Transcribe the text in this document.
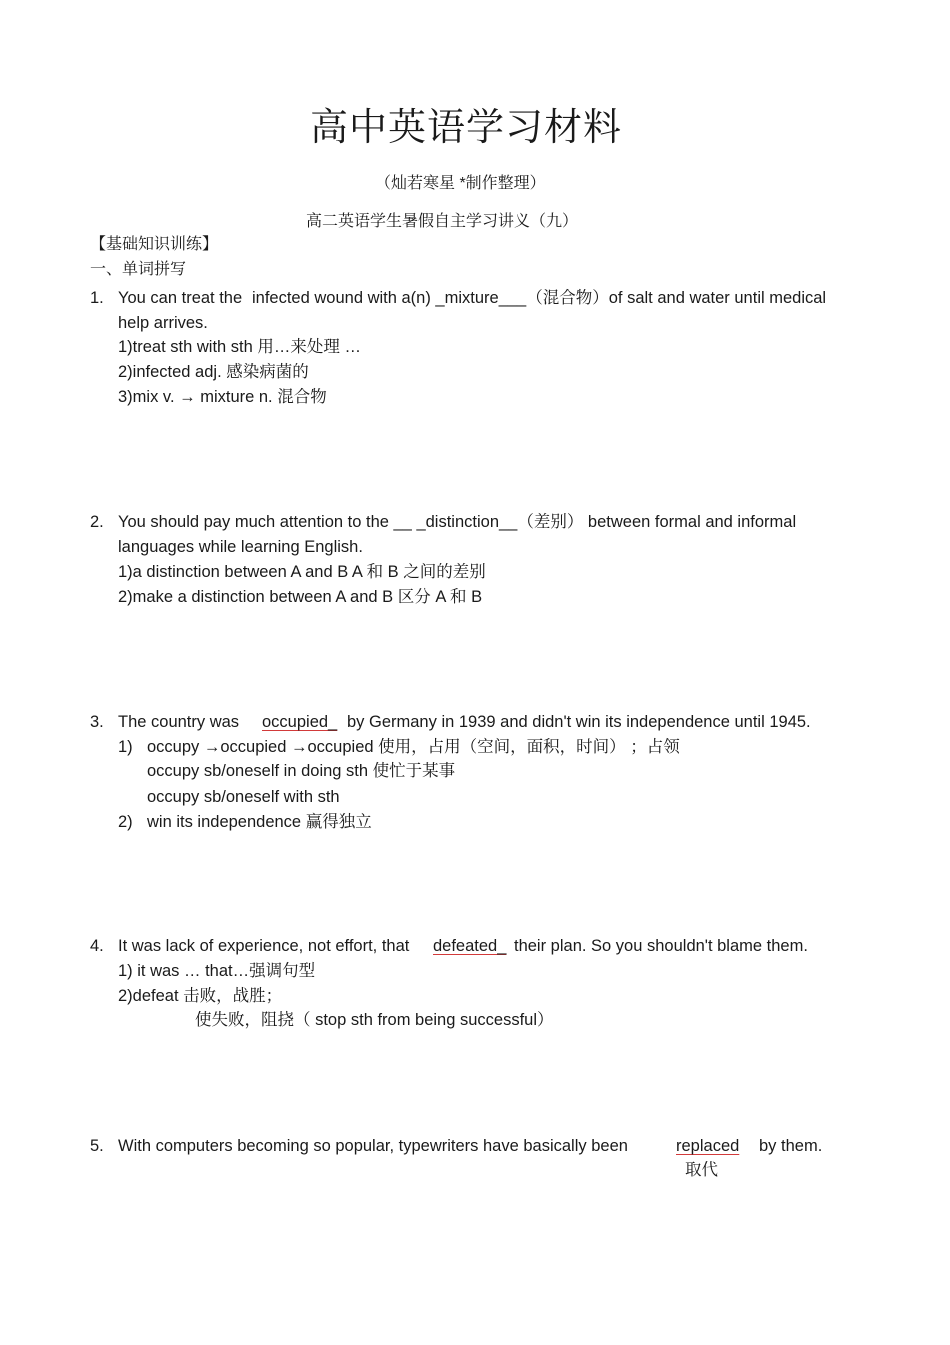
高中英语学习材料
（灿若寒星 *制作整理）
高二英语学生暑假自主学习讲义（九）
【基础知识训练】
一、单词拼写
1. You can treat the infected wound with a(n) _mixture___（混合物）of salt and water until medical
help arrives.
1)treat sth with sth 用…来处理 …
2)infected adj. 感染病菌的
3)mix v. → mixture n. 混合物
2. You should pay much attention to the __ _distinction__（差别） between formal and informal
languages while learning English.
1)a distinction between A and B A 和 B 之间的差别
2)make a distinction between A and B 区分 A 和 B
3. The country was occupied_ by Germany in 1939 and didn't win its independence until 1945.
1) occupy →occupied →occupied 使用，占用（空间，面积，时间） ；占领
occupy sb/oneself in doing sth 使忙于某事
occupy sb/oneself with sth
2) win its independence 赢得独立
4. It was lack of experience, not effort, that defeated_ their plan. So you shouldn't blame them.
1) it was … that…强调句型
2)defeat 击败，战胜；
使失败，阻挠（ stop sth from being successful）
5. With computers becoming so popular, typewriters have basically been	replaced by them.
取代
